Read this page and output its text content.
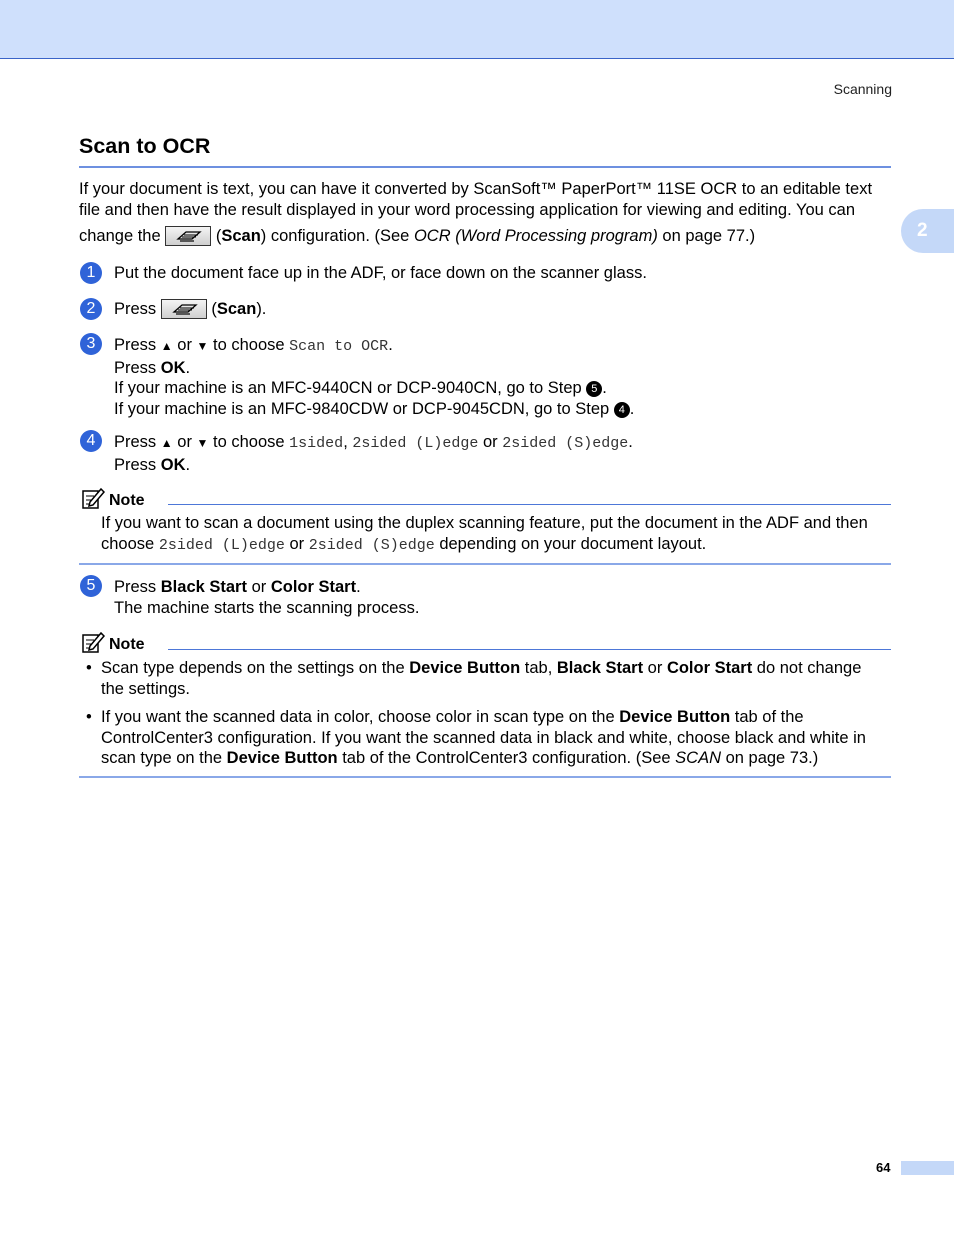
Scanning
2
Scan to OCR
If your document is text, you can have it converted by ScanSoft™ PaperPort™ 11SE OCR to an editable text
file and then have the result displayed in your word processing application for viewing and editing. You can
change the	(Scan) configuration. (See OCR (Word Processing program) on page 77.)
1	Put the document face up in the ADF, or face down on the scanner glass.
2	Press	(Scan).
3	Press ▲ or ▼ to choose Scan to OCR.
Press OK.
If your machine is an MFC-9440CN or DCP-9040CN, go to Step 5 .
If your machine is an MFC-9840CDW or DCP-9045CDN, go to Step 4 .
4	Press ▲ or ▼ to choose 1sided, 2sided (L)edge or 2sided (S)edge.
Press OK.
Note
If you want to scan a document using the duplex scanning feature, put the document in the ADF and then
choose 2sided (L)edge or 2sided (S)edge depending on your document layout.
5	Press Black Start or Color Start.
The machine starts the scanning process.
Note
• Scan type depends on the settings on the Device Button tab, Black Start or Color Start do not change
the settings.
• If you want the scanned data in color, choose color in scan type on the Device Button tab of the
ControlCenter3 configuration. If you want the scanned data in black and white, choose black and white in
scan type on the Device Button tab of the ControlCenter3 configuration. (See SCAN on page 73.)
64
